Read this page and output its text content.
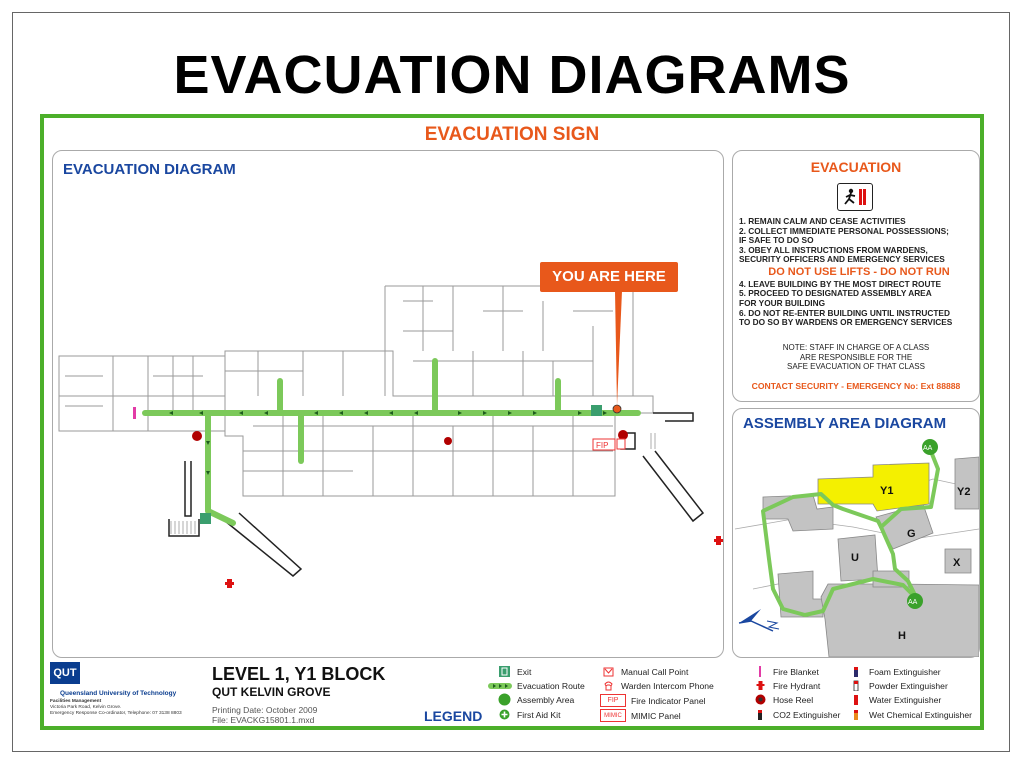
EVACUATION DIAGRAMS
EVACUATION SIGN
EVACUATION DIAGRAM
FIP
YOU ARE HERE
EVACUATION
1. REMAIN CALM AND CEASE ACTIVITIES
2. COLLECT IMMEDIATE PERSONAL POSSESSIONS;
IF SAFE TO DO SO
3. OBEY ALL INSTRUCTIONS FROM WARDENS,
SECURITY OFFICERS AND EMERGENCY SERVICES
DO NOT USE LIFTS - DO NOT RUN
4. LEAVE BUILDING BY THE MOST DIRECT ROUTE
5. PROCEED TO DESIGNATED ASSEMBLY AREA
FOR YOUR BUILDING
6. DO NOT RE-ENTER BUILDING UNTIL INSTRUCTED
TO DO SO BY WARDENS OR EMERGENCY SERVICES
NOTE: STAFF IN CHARGE OF A CLASS
ARE RESPONSIBLE FOR THE
SAFE EVACUATION OF THAT CLASS
CONTACT SECURITY - EMERGENCY No: Ext 88888
ASSEMBLY AREA DIAGRAM
Y1	Y2
G
U	X
H
AA
AA
QUT
Queensland University of Technology
Facilities Management
Victoria Park Road, Kelvin Grove.
Emergency Response Co-ordinator, Telephone: 07 3138 8803
LEVEL 1, Y1 BLOCK
QUT KELVIN GROVE
Printing Date: October 2009
File: EVACKG15801.1.mxd	LEGEND
Exit
Evacuation Route
Assembly Area
First Aid Kit
Manual Call Point
Warden Intercom Phone
FIP	Fire Indicator Panel
MIMIC	MIMIC Panel
Fire Blanket
Fire Hydrant
Hose Reel
CO2 Extinguisher
Foam Extinguisher
Powder Extinguisher
Water Extinguisher
Wet Chemical Extinguisher
